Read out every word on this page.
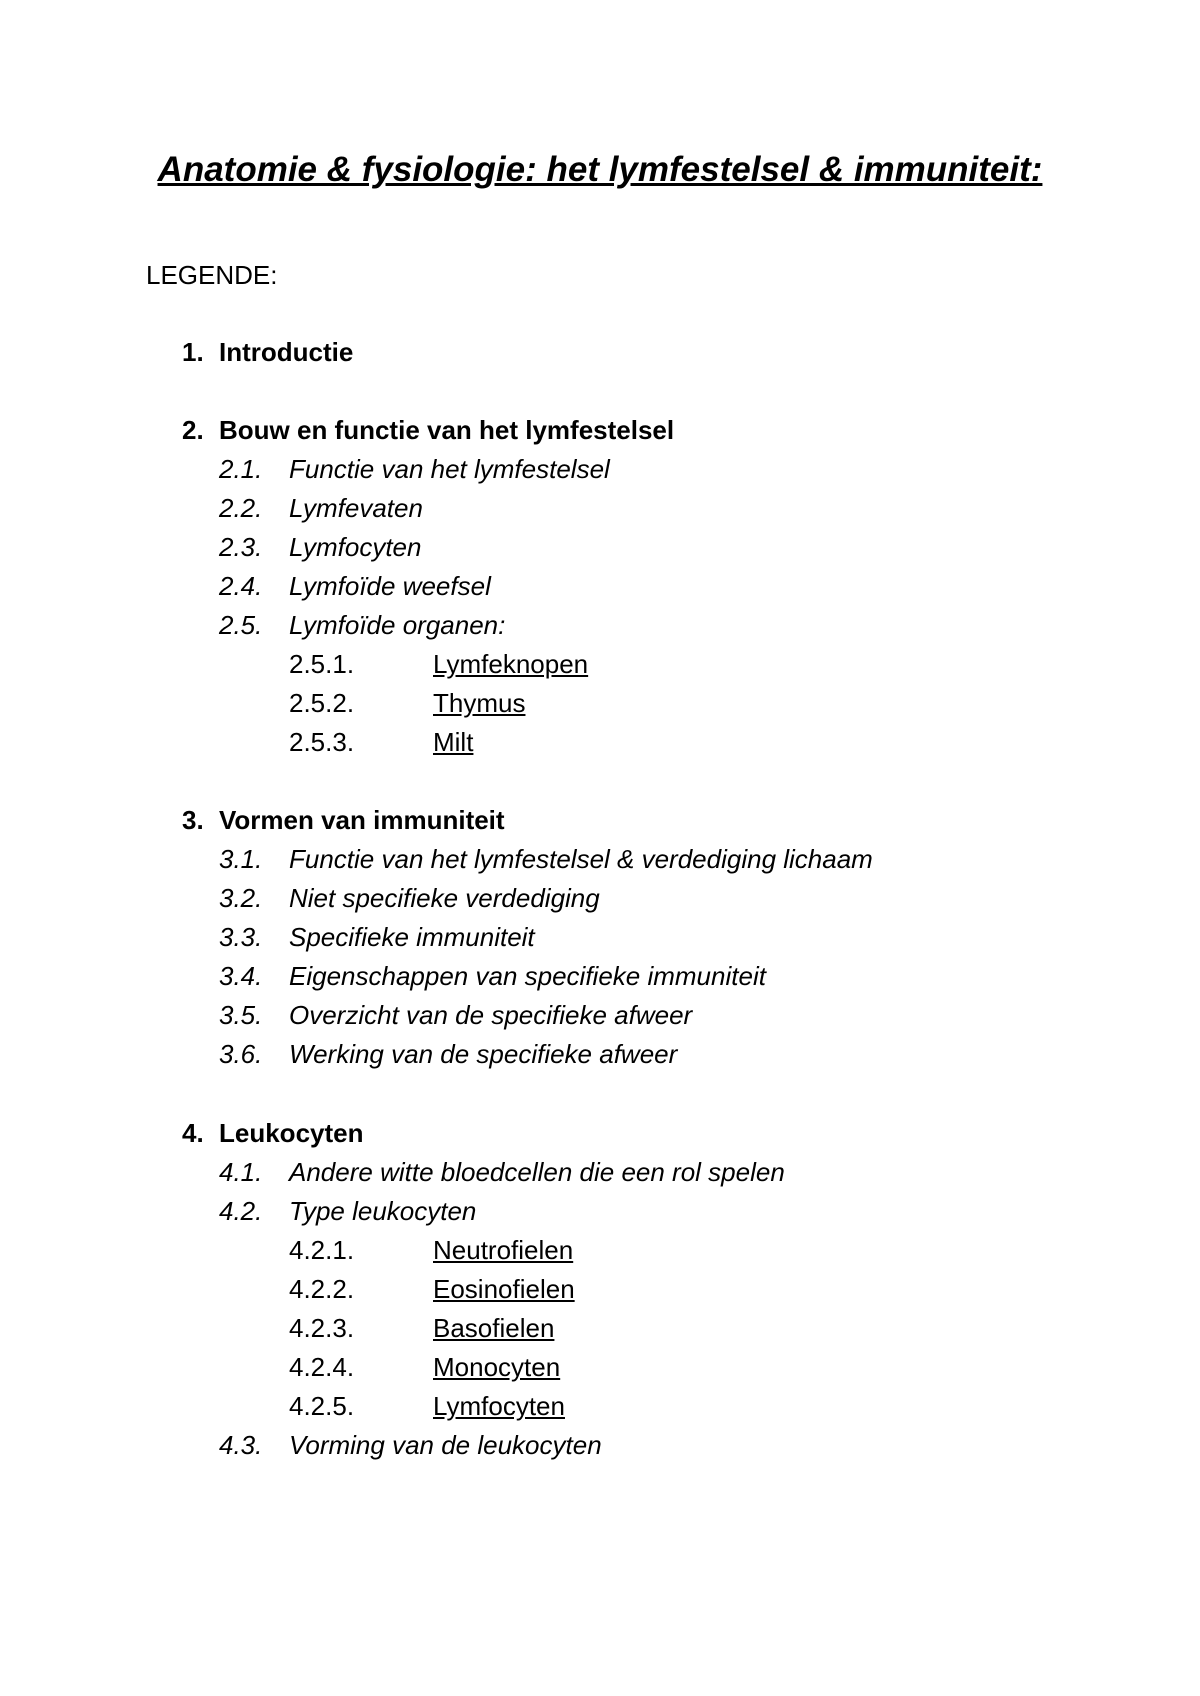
Anatomie & fysiologie: het lymfestelsel & immuniteit:
LEGENDE:
1. Introductie
2. Bouw en functie van het lymfestelsel
2.1. Functie van het lymfestelsel
2.2. Lymfevaten
2.3. Lymfocyten
2.4. Lymfoïde weefsel
2.5. Lymfoïde organen:
2.5.1.	Lymfeknopen
2.5.2.	Thymus
2.5.3.	Milt
3. Vormen van immuniteit
3.1. Functie van het lymfestelsel & verdediging lichaam
3.2. Niet specifieke verdediging
3.3. Specifieke immuniteit
3.4. Eigenschappen van specifieke immuniteit
3.5. Overzicht van de specifieke afweer
3.6. Werking van de specifieke afweer
4. Leukocyten
4.1. Andere witte bloedcellen die een rol spelen
4.2. Type leukocyten
4.2.1.	Neutrofielen
4.2.2.	Eosinofielen
4.2.3.	Basofielen
4.2.4.	Monocyten
4.2.5.	Lymfocyten
4.3. Vorming van de leukocyten
